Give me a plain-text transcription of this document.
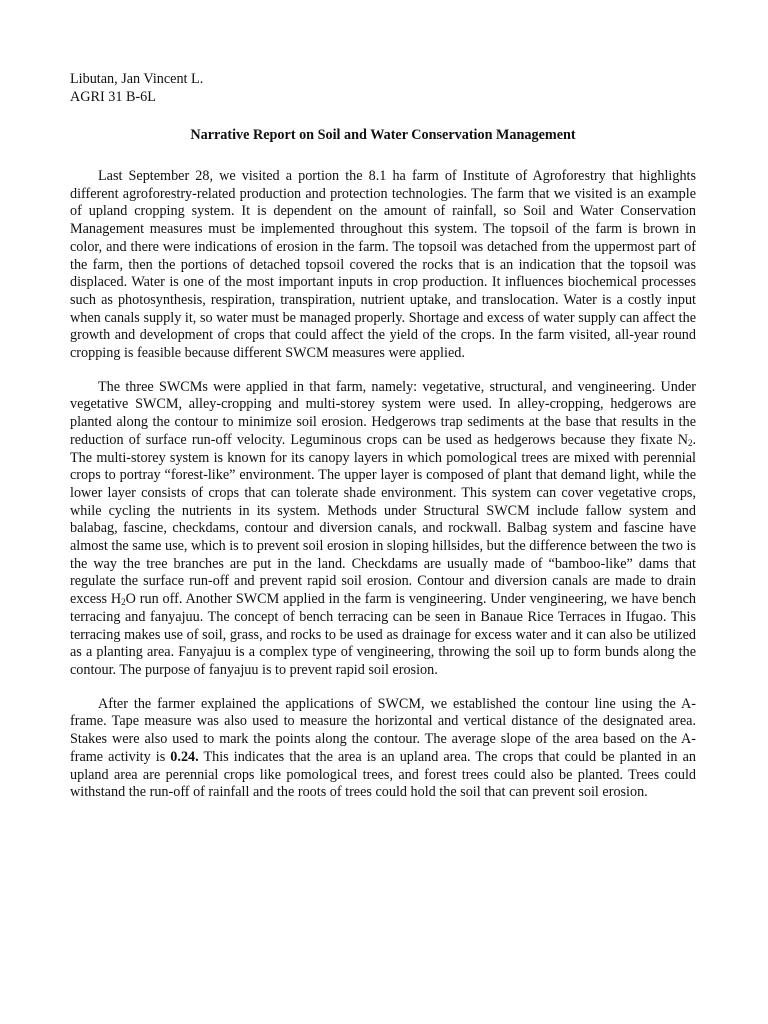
Libutan, Jan Vincent L.
AGRI 31 B-6L
Narrative Report on Soil and Water Conservation Management

Last September 28, we visited a portion the 8.1 ha farm of Institute of Agroforestry that highlights different agroforestry-related production and protection technologies. The farm that we visited is an example of upland cropping system. It is dependent on the amount of rainfall, so Soil and Water Conservation Management measures must be implemented throughout this system. The topsoil of the farm is brown in color, and there were indications of erosion in the farm. The topsoil was detached from the uppermost part of the farm, then the portions of detached topsoil covered the rocks that is an indication that the topsoil was displaced. Water is one of the most important inputs in crop production. It influences biochemical processes such as photosynthesis, respiration, transpiration, nutrient uptake, and translocation. Water is a costly input when canals supply it, so water must be managed properly. Shortage and excess of water supply can affect the growth and development of crops that could affect the yield of the crops. In the farm visited, all-year round cropping is feasible because different SWCM measures were applied.

The three SWCMs were applied in that farm, namely: vegetative, structural, and vengineering. Under vegetative SWCM, alley-cropping and multi-storey system were used. In alley-cropping, hedgerows are planted along the contour to minimize soil erosion. Hedgerows trap sediments at the base that results in the reduction of surface run-off velocity. Leguminous crops can be used as hedgerows because they fixate $N_2$. The multi-storey system is known for its canopy layers in which pomological trees are mixed with perennial crops to portray “forest-like” environment. The upper layer is composed of plant that demand light, while the lower layer consists of crops that can tolerate shade environment. This system can cover vegetative crops, while cycling the nutrients in its system. Methods under Structural SWCM include fallow system and balabag, fascine, checkdams, contour and diversion canals, and rockwall. Balbag system and fascine have almost the same use, which is to prevent soil erosion in sloping hillsides, but the difference between the two is the way the tree branches are put in the land. Checkdams are usually made of “bamboo-like” dams that regulate the surface run-off and prevent rapid soil erosion. Contour and diversion canals are made to drain excess $H_2O$ run off. Another SWCM applied in the farm is vengineering. Under vengineering, we have bench terracing and fanyajuu. The concept of bench terracing can be seen in Banaue Rice Terraces in Ifugao. This terracing makes use of soil, grass, and rocks to be used as drainage for excess water and it can also be utilized as a planting area. Fanyajuu is a complex type of vengineering, throwing the soil up to form bunds along the contour. The purpose of fanyajuu is to prevent rapid soil erosion.

After the farmer explained the applications of SWCM, we established the contour line using the A-frame. Tape measure was also used to measure the horizontal and vertical distance of the designated area. Stakes were also used to mark the points along the contour. The average slope of the area based on the A-frame activity is 0.24. This indicates that the area is an upland area. The crops that could be planted in an upland area are perennial crops like pomological trees, and forest trees could also be planted. Trees could withstand the run-off of rainfall and the roots of trees could hold the soil that can prevent soil erosion.
